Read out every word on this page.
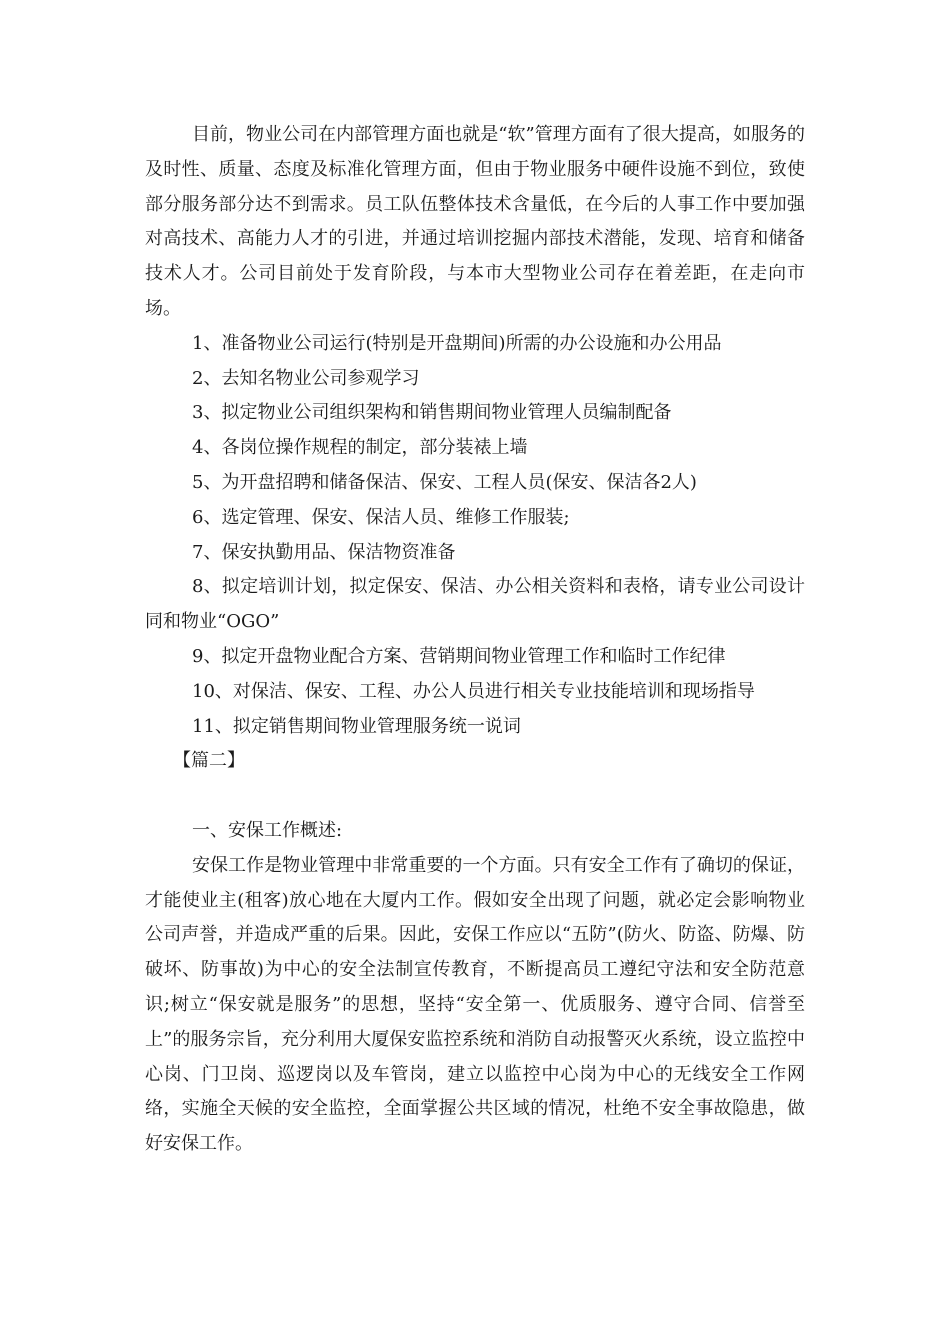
目前，物业公司在内部管理方面也就是“软”管理方面有了很大提高，如服务的及时性、质量、态度及标准化管理方面，但由于物业服务中硬件设施不到位，致使部分服务部分达不到需求。员工队伍整体技术含量低，在今后的人事工作中要加强对高技术、高能力人才的引进，并通过培训挖掘内部技术潜能，发现、培育和储备技术人才。公司目前处于发育阶段，与本市大型物业公司存在着差距，在走向市场。

1、准备物业公司运行(特别是开盘期间)所需的办公设施和办公用品

2、去知名物业公司参观学习

3、拟定物业公司组织架构和销售期间物业管理人员编制配备

4、各岗位操作规程的制定，部分装裱上墙

5、为开盘招聘和储备保洁、保安、工程人员(保安、保洁各2人)

6、选定管理、保安、保洁人员、维修工作服装;

7、保安执勤用品、保洁物资准备

8、拟定培训计划，拟定保安、保洁、办公相关资料和表格，请专业公司设计同和物业“OGO”

9、拟定开盘物业配合方案、营销期间物业管理工作和临时工作纪律

10、对保洁、保安、工程、办公人员进行相关专业技能培训和现场指导

11、拟定销售期间物业管理服务统一说词

【篇二】

一、安保工作概述:

安保工作是物业管理中非常重要的一个方面。只有安全工作有了确切的保证，才能使业主(租客)放心地在大厦内工作。假如安全出现了问题，就必定会影响物业公司声誉，并造成严重的后果。因此，安保工作应以“五防”(防火、防盗、防爆、防破坏、防事故)为中心的安全法制宣传教育，不断提高员工遵纪守法和安全防范意识;树立“保安就是服务”的思想，坚持“安全第一、优质服务、遵守合同、信誉至上”的服务宗旨，充分利用大厦保安监控系统和消防自动报警灭火系统，设立监控中心岗、门卫岗、巡逻岗以及车管岗，建立以监控中心岗为中心的无线安全工作网络，实施全天候的安全监控，全面掌握公共区域的情况，杜绝不安全事故隐患，做好安保工作。
